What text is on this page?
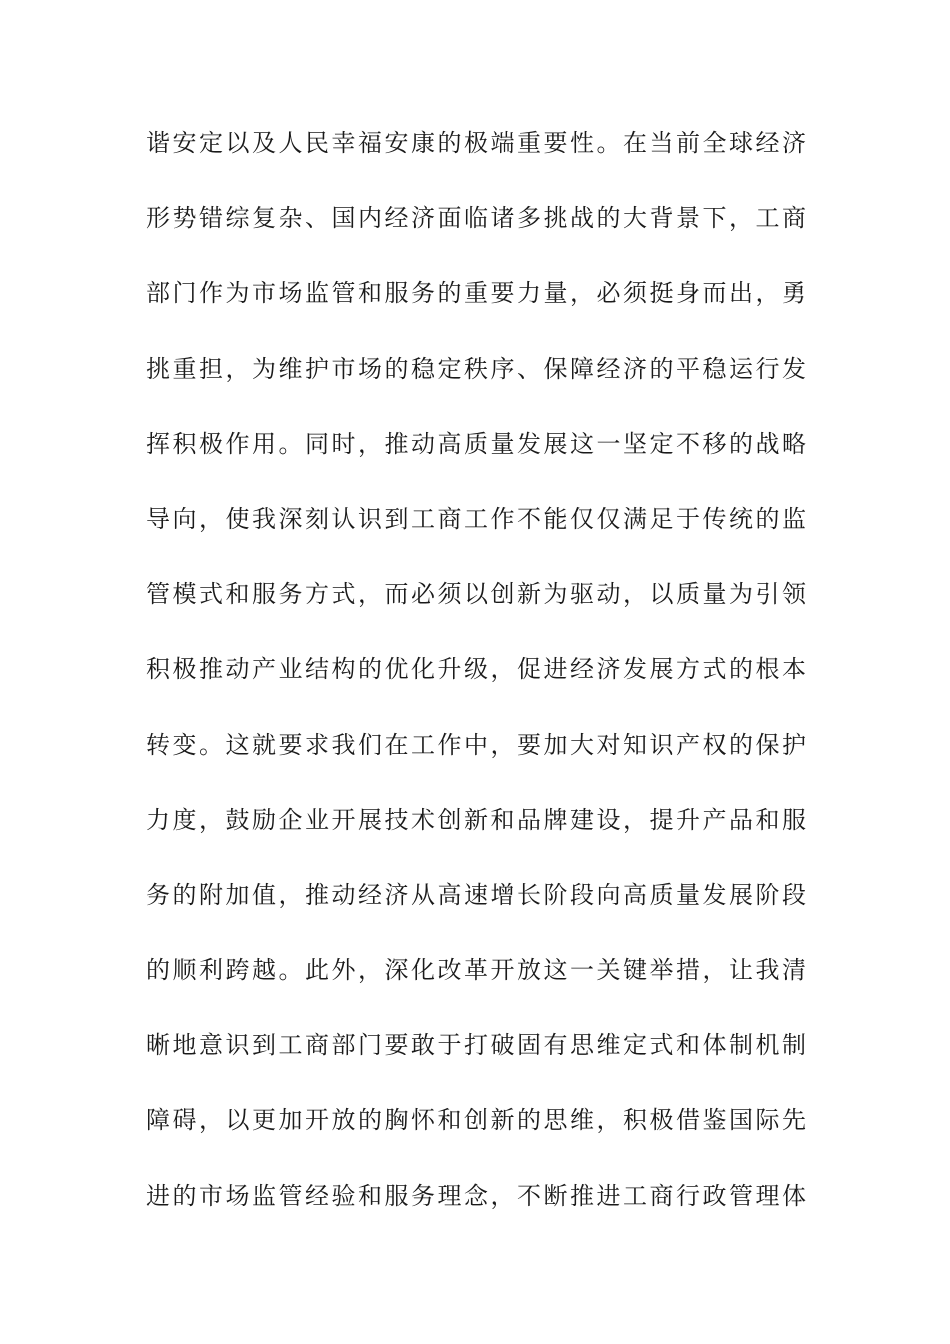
谐安定以及人民幸福安康的极端重要性。在当前全球经济
形势错综复杂、国内经济面临诸多挑战的大背景下，工商
部门作为市场监管和服务的重要力量，必须挺身而出，勇
挑重担，为维护市场的稳定秩序、保障经济的平稳运行发
挥积极作用。同时，推动高质量发展这一坚定不移的战略
导向，使我深刻认识到工商工作不能仅仅满足于传统的监
管模式和服务方式，而必须以创新为驱动，以质量为引领
积极推动产业结构的优化升级，促进经济发展方式的根本
转变。这就要求我们在工作中，要加大对知识产权的保护
力度，鼓励企业开展技术创新和品牌建设，提升产品和服
务的附加值，推动经济从高速增长阶段向高质量发展阶段
的顺利跨越。此外，深化改革开放这一关键举措，让我清
晰地意识到工商部门要敢于打破固有思维定式和体制机制
障碍，以更加开放的胸怀和创新的思维，积极借鉴国际先
进的市场监管经验和服务理念，不断推进工商行政管理体
